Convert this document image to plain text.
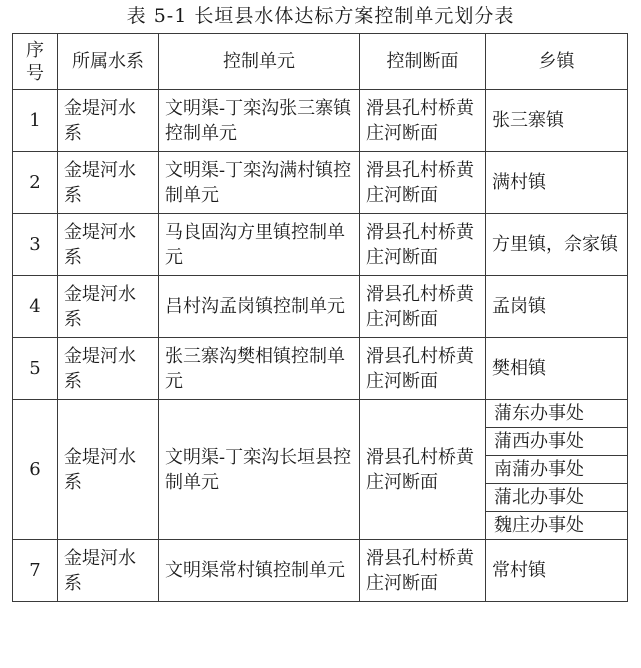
表 5-1 长垣县水体达标方案控制单元划分表
序号	所属水系	控制单元	控制断面	乡镇
1	金堤河水系	文明渠-丁栾沟张三寨镇控制单元	滑县孔村桥黄庄河断面	张三寨镇
2	金堤河水系	文明渠-丁栾沟满村镇控制单元	滑县孔村桥黄庄河断面	满村镇
3	金堤河水系	马良固沟方里镇控制单元	滑县孔村桥黄庄河断面	方里镇，佘家镇
4	金堤河水系	吕村沟孟岗镇控制单元	滑县孔村桥黄庄河断面	孟岗镇
5	金堤河水系	张三寨沟樊相镇控制单元	滑县孔村桥黄庄河断面	樊相镇
6	金堤河水系	文明渠-丁栾沟长垣县控制单元	滑县孔村桥黄庄河断面	蒲东办事处
				蒲西办事处
				南蒲办事处
				蒲北办事处
				魏庄办事处
7	金堤河水系	文明渠常村镇控制单元	滑县孔村桥黄庄河断面	常村镇
